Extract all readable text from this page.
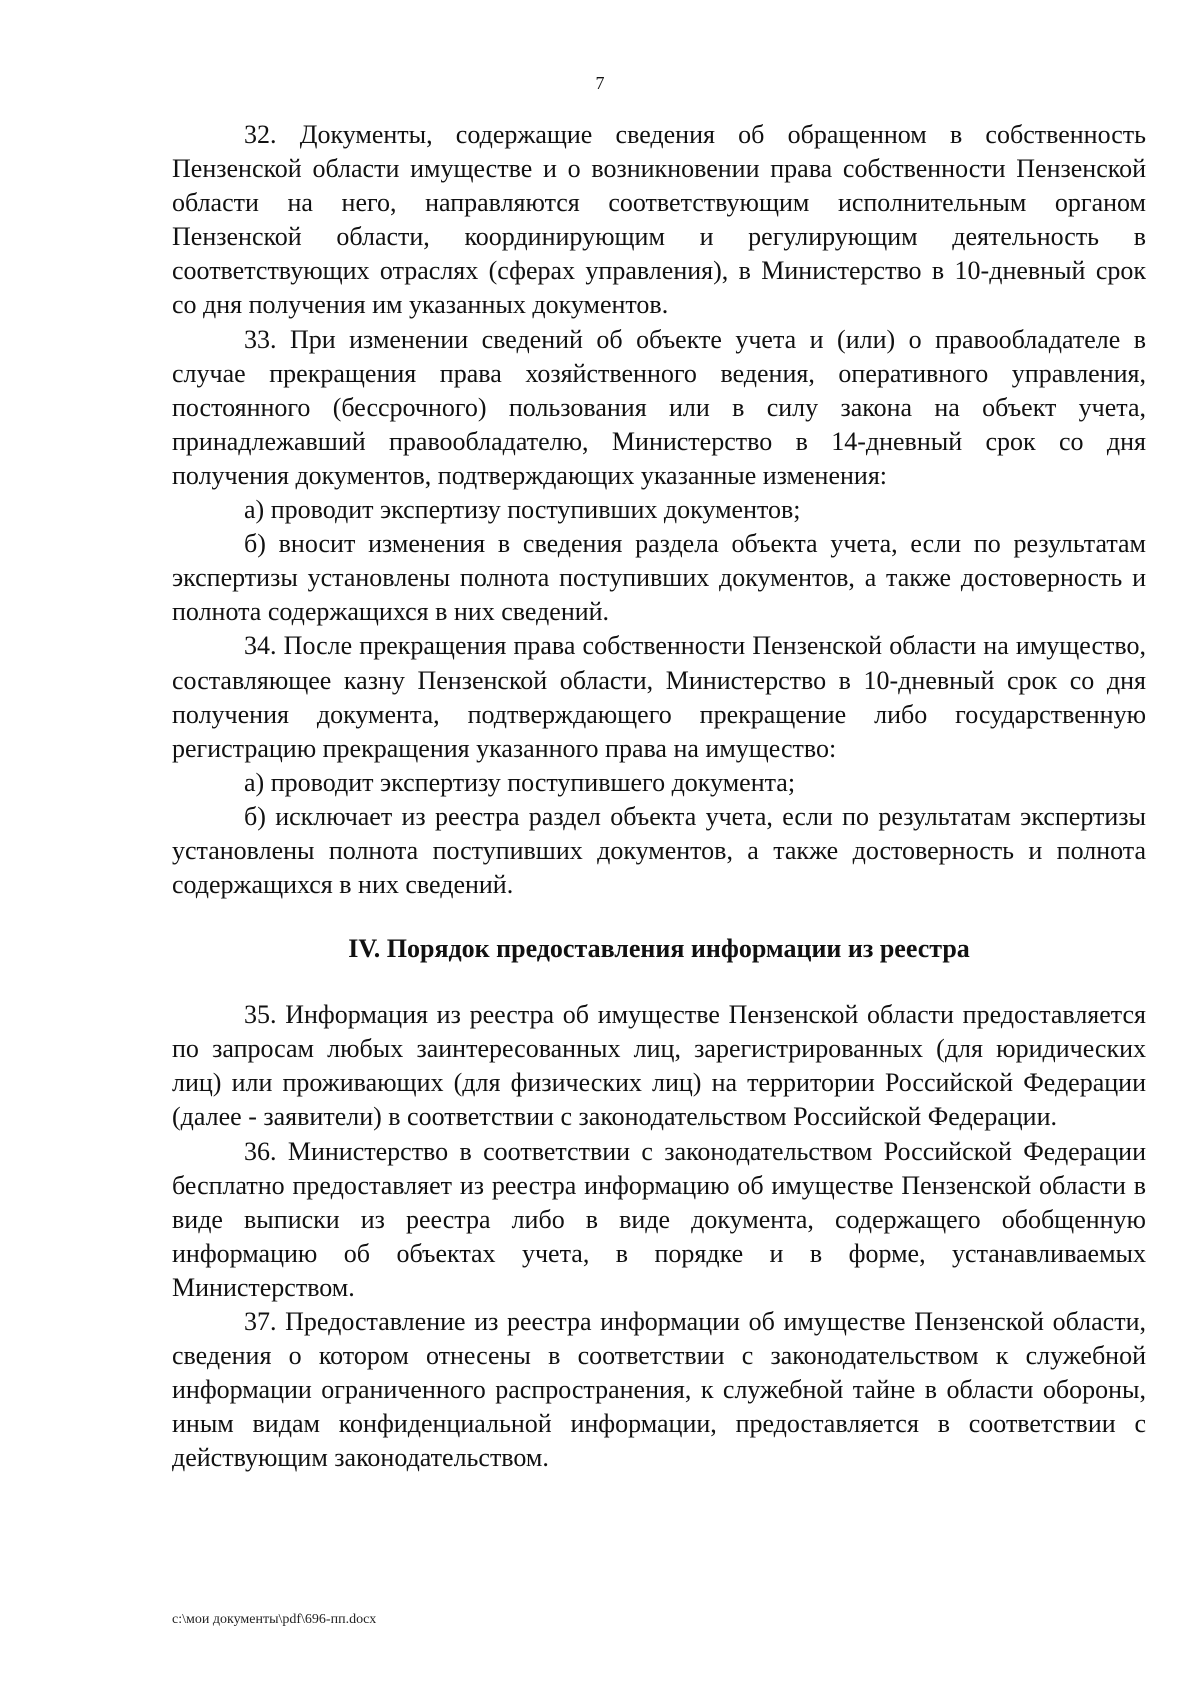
7

32. Документы, содержащие сведения об обращенном в собственность Пензенской области имуществе и о возникновении права собственности Пензенской области на него, направляются соответствующим исполнительным органом Пензенской области, координирующим и регулирующим деятельность в соответствующих отраслях (сферах управления), в Министерство в 10-дневный срок со дня получения им указанных документов.

33. При изменении сведений об объекте учета и (или) о правообладателе в случае прекращения права хозяйственного ведения, оперативного управления, постоянного (бессрочного) пользования или в силу закона на объект учета, принадлежавший правообладателю, Министерство в 14-дневный срок со дня получения документов, подтверждающих указанные изменения:

а) проводит экспертизу поступивших документов;

б) вносит изменения в сведения раздела объекта учета, если по результатам экспертизы установлены полнота поступивших документов, а также достоверность и полнота содержащихся в них сведений.

34. После прекращения права собственности Пензенской области на имущество, составляющее казну Пензенской области, Министерство в 10-дневный срок со дня получения документа, подтверждающего прекращение либо государственную регистрацию прекращения указанного права на имущество:

а) проводит экспертизу поступившего документа;

б) исключает из реестра раздел объекта учета, если по результатам экспертизы установлены полнота поступивших документов, а также достоверность и полнота содержащихся в них сведений.

IV. Порядок предоставления информации из реестра

35. Информация из реестра об имуществе Пензенской области предоставляется по запросам любых заинтересованных лиц, зарегистрированных (для юридических лиц) или проживающих (для физических лиц) на территории Российской Федерации (далее - заявители) в соответствии с законодательством Российской Федерации.

36. Министерство в соответствии с законодательством Российской Федерации бесплатно предоставляет из реестра информацию об имуществе Пензенской области в виде выписки из реестра либо в виде документа, содержащего обобщенную информацию об объектах учета, в порядке и в форме, устанавливаемых Министерством.

37. Предоставление из реестра информации об имуществе Пензенской области, сведения о котором отнесены в соответствии с законодательством к служебной информации ограниченного распространения, к служебной тайне в области обороны, иным видам конфиденциальной информации, предоставляется в соответствии с действующим законодательством.

c:\мои документы\pdf\696-пп.docx
